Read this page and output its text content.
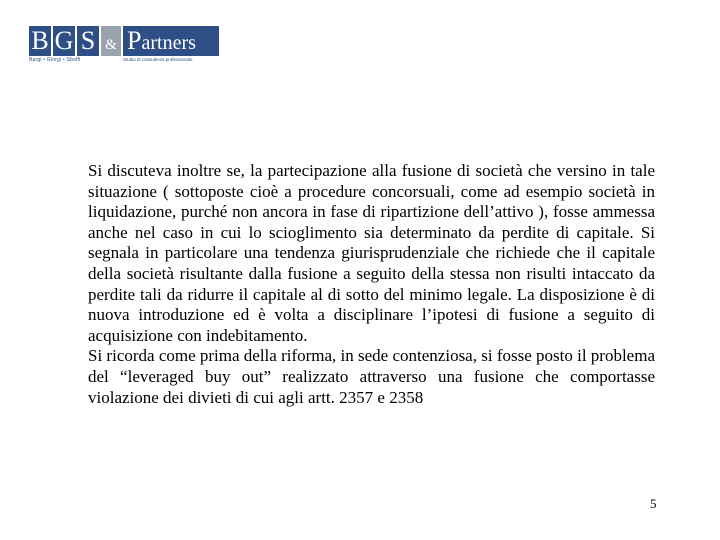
B G S & Partners
Bargi • Giorgi • Sboffi	Studio di consulenza professionale

Si discuteva inoltre se, la partecipazione alla fusione di società che versino in tale situazione ( sottoposte cioè a procedure concorsuali, come ad esempio società in liquidazione, purché non ancora in fase di ripartizione dell’attivo ), fosse ammessa anche nel caso in cui lo scioglimento sia determinato da perdite di capitale. Si segnala in particolare una tendenza giurisprudenziale che richiede che il capitale della società risultante dalla fusione a seguito della stessa non risulti intaccato da perdite tali da ridurre il capitale al di sotto del minimo legale. La disposizione è di nuova introduzione ed è volta a disciplinare l’ipotesi di fusione a seguito di acquisizione con indebitamento.

Si ricorda come prima della riforma, in sede contenziosa, si fosse posto il problema del “leveraged buy out” realizzato attraverso una fusione che comportasse violazione dei divieti di cui agli artt. 2357 e 2358

5
